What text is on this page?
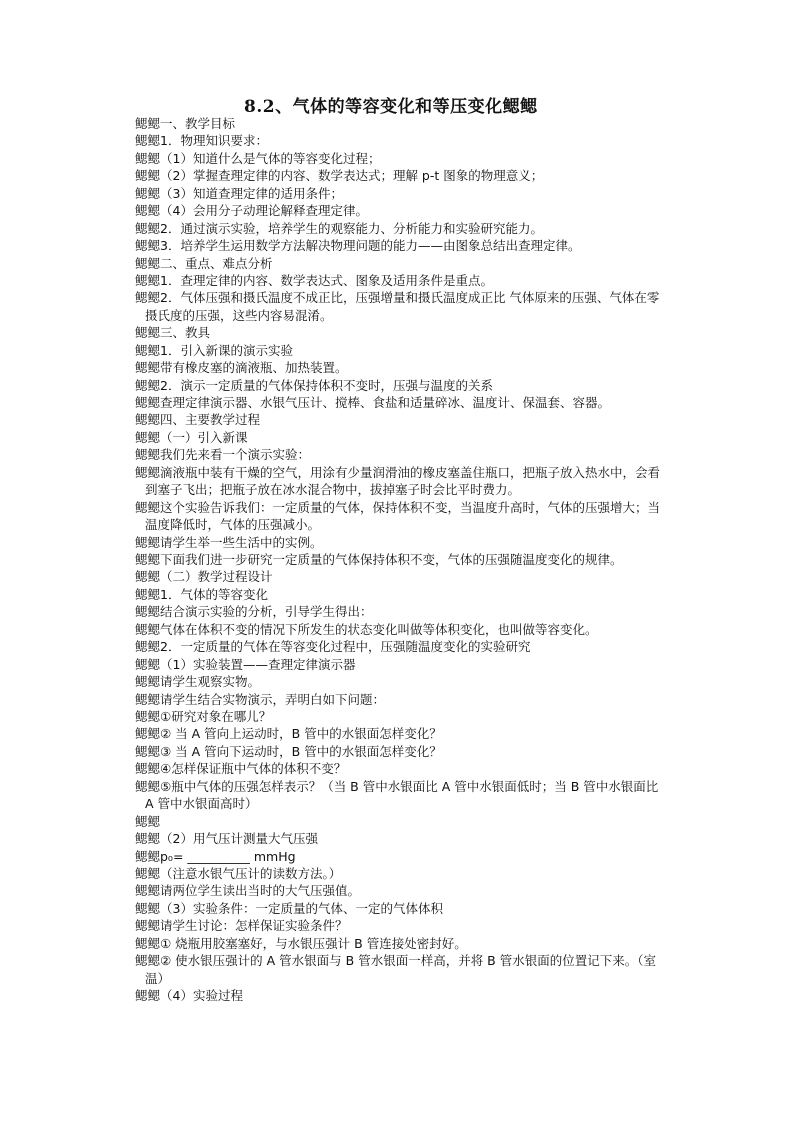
8.2、气体的等容变化和等压变化鳃鳃
鳃鳃一、教学目标
鳃鳃1．物理知识要求：
鳃鳃（1）知道什么是气体的等容变化过程；
鳃鳃（2）掌握查理定律的内容、数学表达式；理解 p-t 图象的物理意义；
鳃鳃（3）知道查理定律的适用条件；
鳃鳃（4）会用分子动理论解释查理定律。
鳃鳃2．通过演示实验，培养学生的观察能力、分析能力和实验研究能力。
鳃鳃3．培养学生运用数学方法解决物理问题的能力——由图象总结出查理定律。
鳃鳃二、重点、难点分析
鳃鳃1．查理定律的内容、数学表达式、图象及适用条件是重点。
鳃鳃2．气体压强和摄氏温度不成正比，压强增量和摄氏温度成正比 气体原来的压强、气体在零摄氏度的压强，这些内容易混淆。
鳃鳃三、教具
鳃鳃1．引入新课的演示实验
鳃鳃带有橡皮塞的滴液瓶、加热装置。
鳃鳃2．演示一定质量的气体保持体积不变时，压强与温度的关系
鳃鳃查理定律演示器、水银气压计、搅棒、食盐和适量碎冰、温度计、保温套、容器。
鳃鳃四、主要教学过程
鳃鳃（一）引入新课
鳃鳃我们先来看一个演示实验：
鳃鳃滴液瓶中装有干燥的空气，用涂有少量润滑油的橡皮塞盖住瓶口，把瓶子放入热水中，会看到塞子飞出；把瓶子放在冰水混合物中，拔掉塞子时会比平时费力。
鳃鳃这个实验告诉我们：一定质量的气体，保持体积不变，当温度升高时，气体的压强增大；当温度降低时，气体的压强减小。
鳃鳃请学生举一些生活中的实例。
鳃鳃下面我们进一步研究一定质量的气体保持体积不变，气体的压强随温度变化的规律。
鳃鳃（二）教学过程设计
鳃鳃1．气体的等容变化
鳃鳃结合演示实验的分析，引导学生得出：
鳃鳃气体在体积不变的情况下所发生的状态变化叫做等体积变化，也叫做等容变化。
鳃鳃2．一定质量的气体在等容变化过程中，压强随温度变化的实验研究
鳃鳃（1）实验装置——查理定律演示器
鳃鳃请学生观察实物。
鳃鳃请学生结合实物演示，弄明白如下问题：
鳃鳃①研究对象在哪儿？
鳃鳃② 当 A 管向上运动时，B 管中的水银面怎样变化？
鳃鳃③ 当 A 管向下运动时，B 管中的水银面怎样变化？
鳃鳃④怎样保证瓶中气体的体积不变？
鳃鳃⑤瓶中气体的压强怎样表示？（当 B 管中水银面比 A 管中水银面低时；当 B 管中水银面比 A 管中水银面高时）
鳃鳃
鳃鳃（2）用气压计测量大气压强
鳃鳃p₀= __________ mmHg
鳃鳃（注意水银气压计的读数方法。）
鳃鳃请两位学生读出当时的大气压强值。
鳃鳃（3）实验条件：一定质量的气体、一定的气体体积
鳃鳃请学生讨论：怎样保证实验条件？
鳃鳃① 烧瓶用胶塞塞好，与水银压强计 B 管连接处密封好。
鳃鳃② 使水银压强计的 A 管水银面与 B 管水银面一样高，并将 B 管水银面的位置记下来。（室温）
鳃鳃（4）实验过程
